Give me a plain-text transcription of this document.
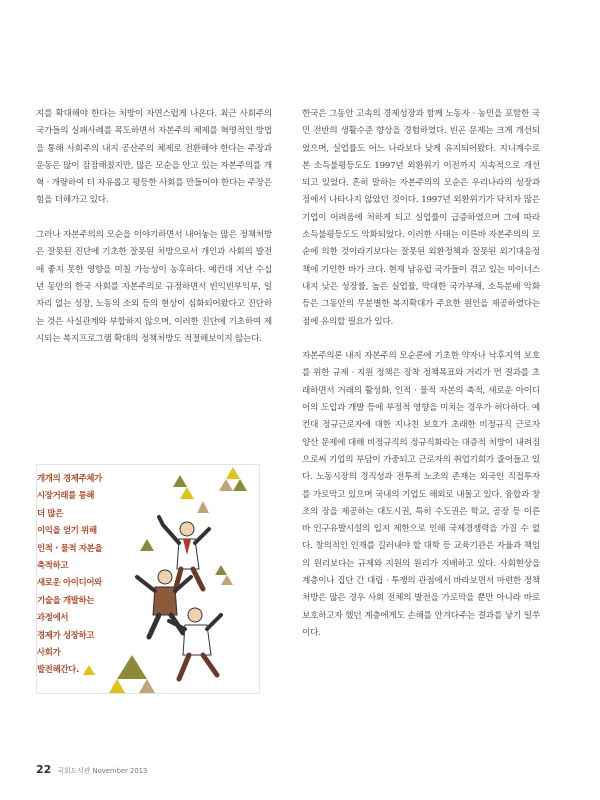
지를 확대해야 한다는 처방이 자연스럽게 나온다. 최근 사회주의 국가들의 실패사례를 목도하면서 자본주의 체제를 혁명적인 방법을 통해 사회주의 내지 공산주의 체제로 전환해야 한다는 주장과 운동은 많이 잠잠해졌지만, 많은 모순을 안고 있는 자본주의를 개혁 · 개량하여 더 자유롭고 평등한 사회를 만들어야 한다는 주장은 힘을 더해가고 있다.

그러나 자본주의의 모순을 이야기하면서 내어놓는 많은 정책처방은 잘못된 진단에 기초한 잘못된 처방으로서 개인과 사회의 발전에 좋지 못한 영향을 미칠 가능성이 농후하다. 예컨대 지난 수십 년 동안의 한국 사회를 자본주의로 규정하면서 빈익빈부익부, 일자리 없는 성장, 노동의 소외 등의 현상이 심화되어왔다고 진단하는 것은 사실관계와 부합하지 않으며, 이러한 진단에 기초하여 제시되는 복지프로그램 확대의 정책처방도 적절해보이지 않는다.

한국은 그동안 고속의 경제성장과 함께 노동자 · 농민을 포함한 국민 전반의 생활수준 향상을 경험하였다. 빈곤 문제는 크게 개선되었으며, 실업률도 어느 나라보다 낮게 유지되어왔다. 지니계수로 본 소득불평등도도 1997년 외환위기 이전까지 지속적으로 개선되고 있었다. 흔히 말하는 자본주의의 모순은 우리나라의 성장과정에서 나타나지 않았던 것이다. 1997년 외환위기가 닥치자 많은 기업이 어려움에 처하게 되고 실업률이 급증하였으며 그에 따라 소득불평등도도 악화되었다. 이러한 사태는 이른바 자본주의의 모순에 의한 것이라기보다는 잘못된 외환정책과 잘못된 외기대응정책에 기인한 바가 크다. 현재 남유럽 국가들이 겪고 있는 마이너스 내지 낮은 성장률, 높은 실업률, 막대한 국가부채, 소득분배 악화 등은 그동안의 무분별한 복지확대가 주요한 원인을 제공하였다는 점에 유의할 필요가 있다.

자본주의론 내지 자본주의 모순론에 기초한 약자나 낙후지역 보호를 위한 규제 · 지원 정책은 장착 정책목표와 거리가 먼 결과를 초래하면서 거래의 활성화, 인적 · 물적 자본의 축적, 새로운 아이디어의 도입과 개발 등에 부정적 영향을 미치는 경우가 허다하다. 예컨대 정규근로자에 대한 지나친 보호가 초래한 비정규직 근로자 양산 문제에 대해 비정규직의 정규직화라는 대증적 처방이 내려짐으로써 기업의 부담이 가중되고 근로자의 취업기회가 줄어들고 있다. 노동시장의 경직성과 전투적 노조의 존재는 외국인 직접투자를 가로막고 있으며 국내의 기업도 해외로 내몰고 있다. 융합과 창조의 장을 제공하는 대도시권, 특히 수도권은 학교, 공장 등 이른바 인구유발시설의 입지 제한으로 인해 국제경쟁력을 가질 수 없다. 창의적인 인재를 길러내야 할 대학 등 교육기관은 자율과 책임의 원리보다는 규제와 지원의 원리가 지배하고 있다. 사회현상을 계층이나 집단 간 대립 · 투쟁의 관점에서 바라보면서 마련한 정책처방은 많은 경우 사회 전체의 발전을 가로막을 뿐만 아니라 바로 보호하고자 했던 계층에게도 손해를 안겨다주는 결과를 낳기 일쑤이다.

개개의 경제주체가
시장거래를 통해
더 많은
이익을 얻기 위해
인적 · 물적 자본을
축적하고
새로운 아이디어와
기술을 개발하는
과정에서
경제가 성장하고
사회가
발전해간다.
22 국회도서관 November 2013
